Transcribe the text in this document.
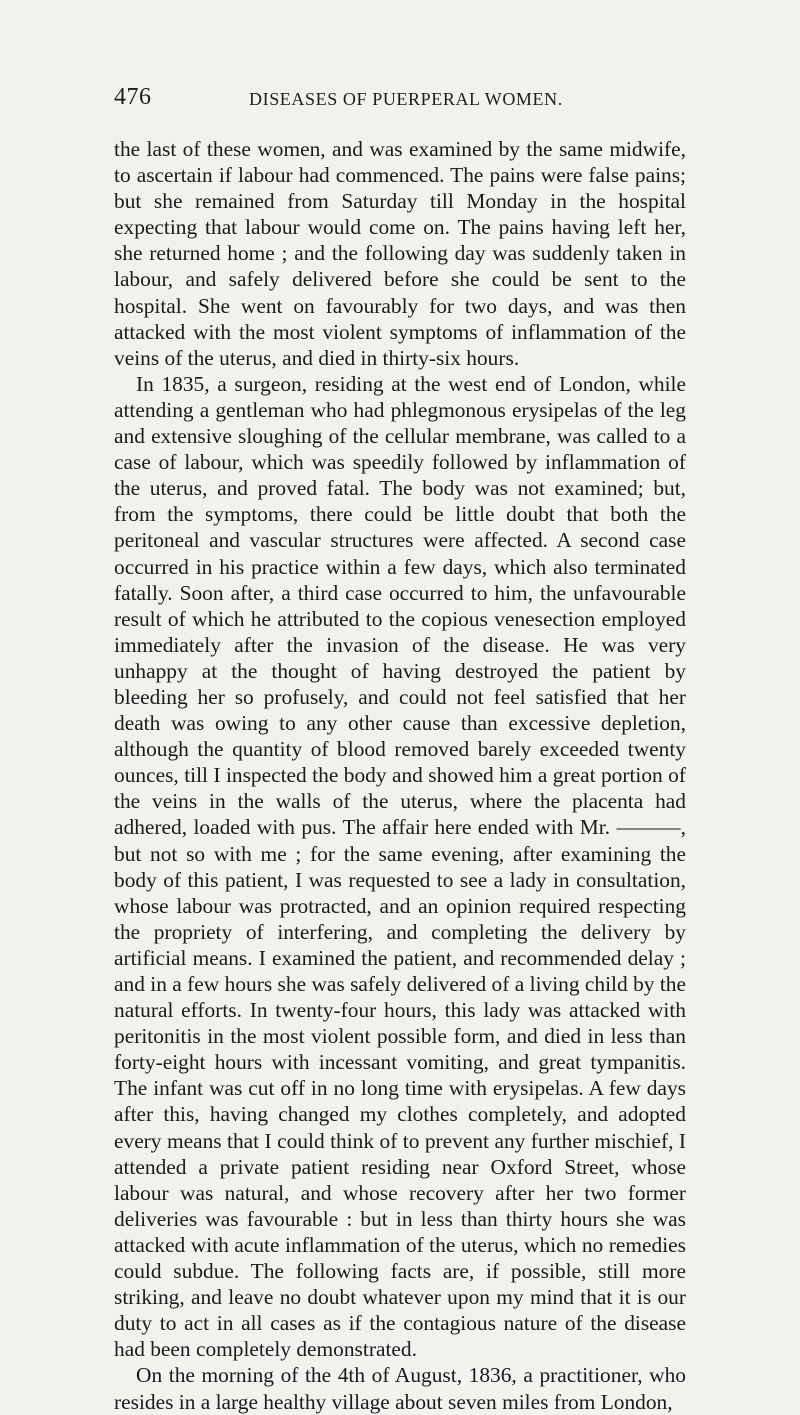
476	DISEASES OF PUERPERAL WOMEN.

the last of these women, and was examined by the same midwife, to ascertain if labour had commenced. The pains were false pains; but she remained from Saturday till Monday in the hospital expecting that labour would come on. The pains having left her, she returned home ; and the following day was suddenly taken in labour, and safely delivered before she could be sent to the hospital. She went on favourably for two days, and was then attacked with the most violent symptoms of inflammation of the veins of the uterus, and died in thirty-six hours.

In 1835, a surgeon, residing at the west end of London, while attending a gentleman who had phlegmonous erysipelas of the leg and extensive sloughing of the cellular membrane, was called to a case of labour, which was speedily followed by inflammation of the uterus, and proved fatal. The body was not examined; but, from the symptoms, there could be little doubt that both the peritoneal and vascular structures were affected. A second case occurred in his practice within a few days, which also terminated fatally. Soon after, a third case occurred to him, the unfavourable result of which he attributed to the copious venesection employed immediately after the invasion of the disease. He was very unhappy at the thought of having destroyed the patient by bleeding her so profusely, and could not feel satisfied that her death was owing to any other cause than excessive depletion, although the quantity of blood removed barely exceeded twenty ounces, till I inspected the body and showed him a great portion of the veins in the walls of the uterus, where the placenta had adhered, loaded with pus. The affair here ended with Mr. ———, but not so with me ; for the same evening, after examining the body of this patient, I was requested to see a lady in consultation, whose labour was protracted, and an opinion required respecting the propriety of interfering, and completing the delivery by artificial means. I examined the patient, and recommended delay ; and in a few hours she was safely delivered of a living child by the natural efforts. In twenty-four hours, this lady was attacked with peritonitis in the most violent possible form, and died in less than forty-eight hours with incessant vomiting, and great tympanitis. The infant was cut off in no long time with erysipelas. A few days after this, having changed my clothes completely, and adopted every means that I could think of to prevent any further mischief, I attended a private patient residing near Oxford Street, whose labour was natural, and whose recovery after her two former deliveries was favourable : but in less than thirty hours she was attacked with acute inflammation of the uterus, which no remedies could subdue. The following facts are, if possible, still more striking, and leave no doubt whatever upon my mind that it is our duty to act in all cases as if the contagious nature of the disease had been completely demonstrated.

On the morning of the 4th of August, 1836, a practitioner, who resides in a large healthy village about seven miles from London,
